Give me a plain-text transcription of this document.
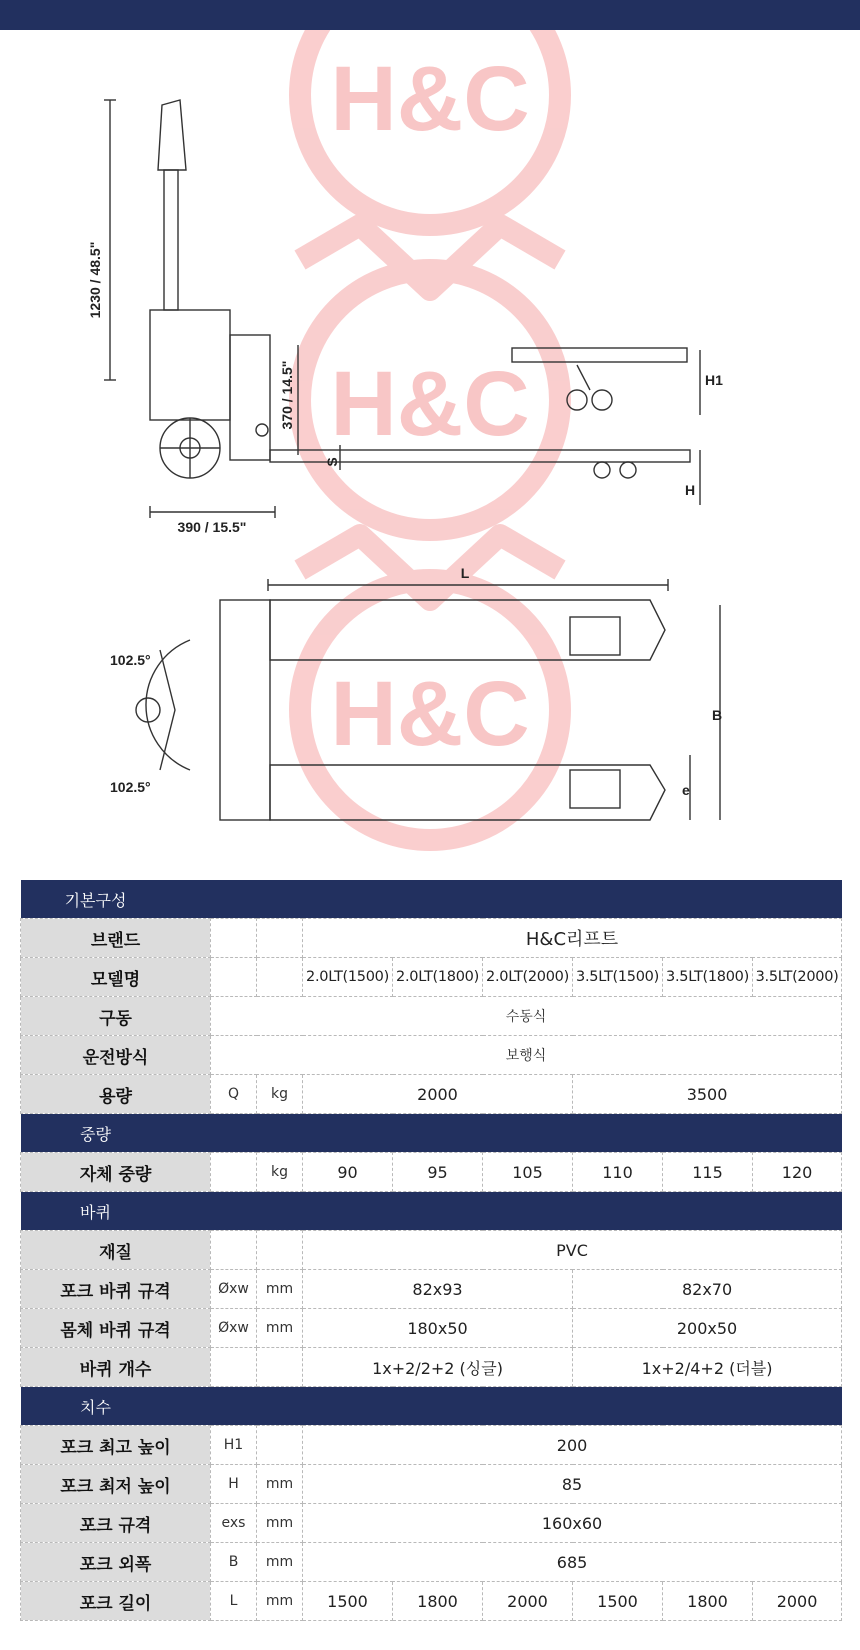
H&C
H&C
H&C
1230 / 48.5"
370 / 14.5"
390 / 15.5"
S
H1
H
L
B
e
102.5°
102.5°
기본구성								
브랜드			H&C리프트					
모델명			2.0LT(1500)	2.0LT(1800)	2.0LT(2000)	3.5LT(1500)	3.5LT(1800)	3.5LT(2000)
구동	수동식							
운전방식	보행식							
용량	Q	kg	2000			3500		
중량								
자체 중량		kg	90	95	105	110	115	120
바퀴								
재질			PVC					
포크 바퀴 규격	Øxw	mm	82x93			82x70		
몸체 바퀴 규격	Øxw	mm	180x50			200x50		
바퀴 개수			1x+2/2+2 (싱글)			1x+2/4+2 (더블)		
치수								
포크 최고 높이	H1		200					
포크 최저 높이	H	mm	85					
포크 규격	exs	mm	160x60					
포크 외폭	B	mm	685					
포크 길이	L	mm	1500	1800	2000	1500	1800	2000
